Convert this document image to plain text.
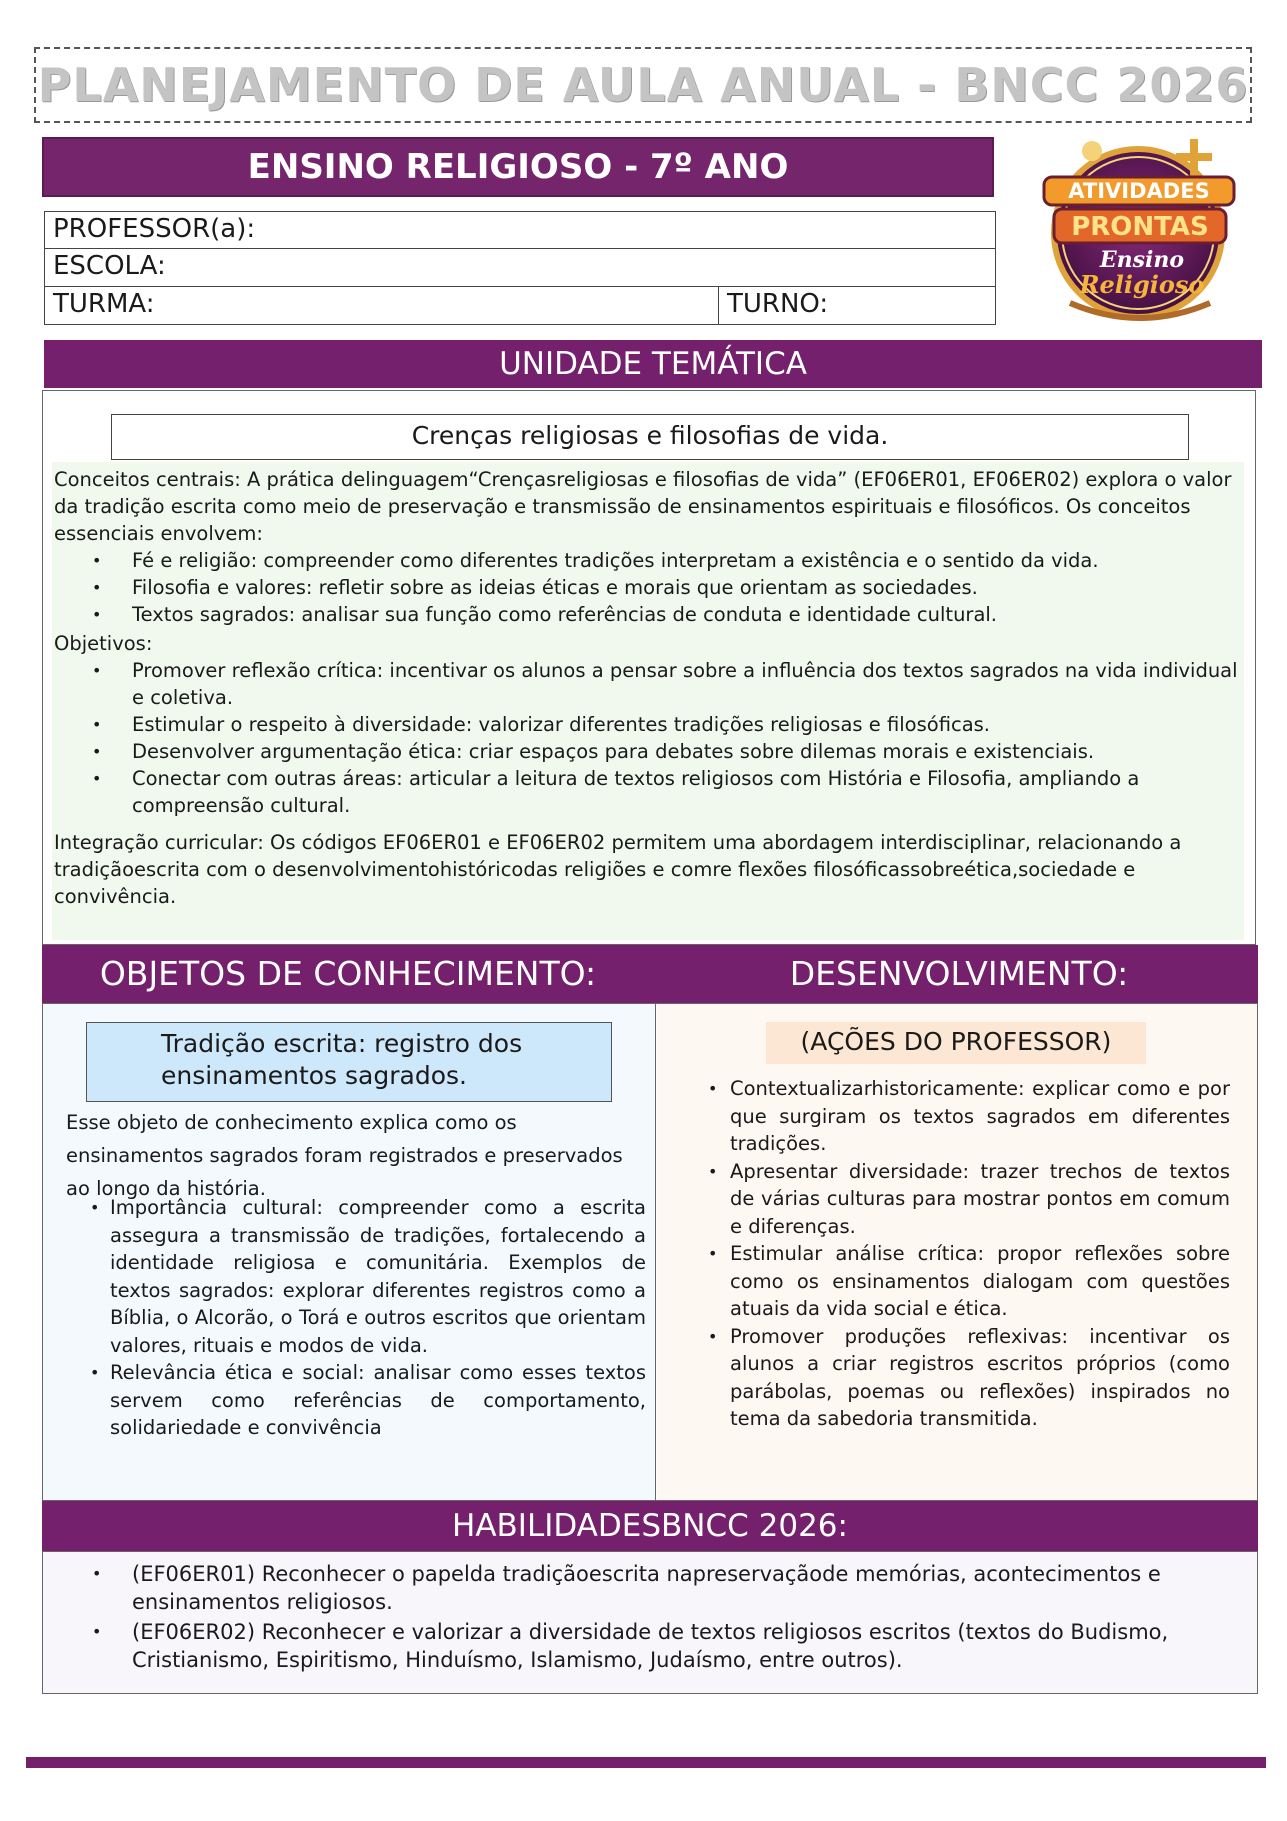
PLANEJAMENTO DE AULA ANUAL - BNCC 2026
ENSINO RELIGIOSO - 7º ANO
PROFESSOR(a):
ESCOLA:
TURMA:	TURNO:
ATIVIDADES
PRONTAS
Ensino
Religioso
UNIDADE TEMÁTICA
Crenças religiosas e filosofias de vida.

Conceitos centrais: A prática delinguagem“Crençasreligiosas e filosofias de vida” (EF06ER01, EF06ER02) explora o valor da tradição escrita como meio de preservação e transmissão de ensinamentos espirituais e filosóficos. Os conceitos essenciais envolvem:

• Fé e religião: compreender como diferentes tradições interpretam a existência e o sentido da vida.
• Filosofia e valores: refletir sobre as ideias éticas e morais que orientam as sociedades.
• Textos sagrados: analisar sua função como referências de conduta e identidade cultural.

Objetivos:

• Promover reflexão crítica: incentivar os alunos a pensar sobre a influência dos textos sagrados na vida individual e coletiva.
• Estimular o respeito à diversidade: valorizar diferentes tradições religiosas e filosóficas.
• Desenvolver argumentação ética: criar espaços para debates sobre dilemas morais e existenciais.
• Conectar com outras áreas: articular a leitura de textos religiosos com História e Filosofia, ampliando a compreensão cultural.

Integração curricular: Os códigos EF06ER01 e EF06ER02 permitem uma abordagem interdisciplinar, relacionando a tradiçãoescrita com o desenvolvimentohistóricodas religiões e comre flexões filosóficassobreética,sociedade e convivência.

OBJETOS DE CONHECIMENTO:	DESENVOLVIMENTO:
Tradição escrita: registro dos ensinamentos sagrados.
Esse objeto de conhecimento explica como os ensinamentos sagrados foram registrados e preservados ao longo da história.
• Importância cultural: compreender como a escrita assegura a transmissão de tradições, fortalecendo a identidade religiosa e comunitária. Exemplos de textos sagrados: explorar diferentes registros como a Bíblia, o Alcorão, o Torá e outros escritos que orientam valores, rituais e modos de vida.
• Relevância ética e social: analisar como esses textos servem como referências de comportamento, solidariedade e convivência
(AÇÕES DO PROFESSOR)
• Contextualizarhistoricamente: explicar como e por que surgiram os textos sagrados em diferentes tradições.
• Apresentar diversidade: trazer trechos de textos de várias culturas para mostrar pontos em comum e diferenças.
• Estimular análise crítica: propor reflexões sobre como os ensinamentos dialogam com questões atuais da vida social e ética.
• Promover produções reflexivas: incentivar os alunos a criar registros escritos próprios (como parábolas, poemas ou reflexões) inspirados no tema da sabedoria transmitida.
HABILIDADESBNCC 2026:
• (EF06ER01) Reconhecer o papelda tradiçãoescrita napreservaçãode memórias, acontecimentos e ensinamentos religiosos.
• (EF06ER02) Reconhecer e valorizar a diversidade de textos religiosos escritos (textos do Budismo, Cristianismo, Espiritismo, Hinduísmo, Islamismo, Judaísmo, entre outros).
